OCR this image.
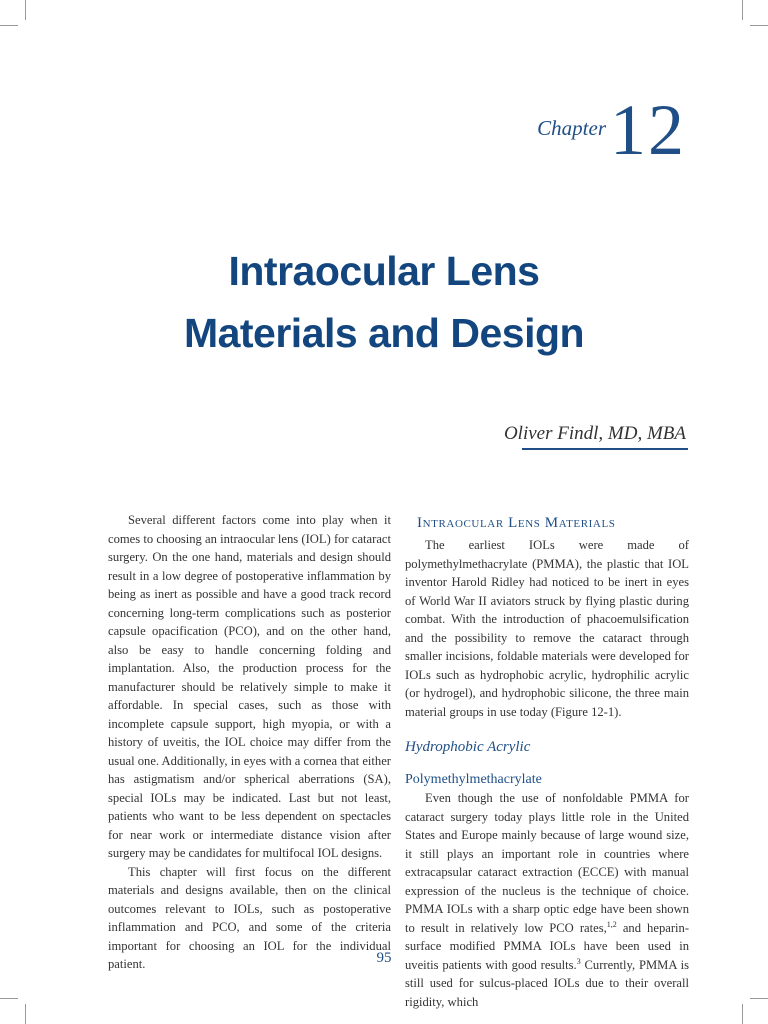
Chapter 12
Intraocular Lens
Materials and Design
Oliver Findl, MD, MBA

Several different factors come into play when it comes to choosing an intraocular lens (IOL) for cataract surgery. On the one hand, materials and design should result in a low degree of postoperative inflammation by being as inert as possible and have a good track record concerning long-term complications such as posterior capsule opacification (PCO), and on the other hand, also be easy to handle concerning folding and implantation. Also, the production process for the manufacturer should be relatively simple to make it affordable. In special cases, such as those with incomplete capsule support, high myopia, or with a history of uveitis, the IOL choice may differ from the usual one. Additionally, in eyes with a cornea that either has astigmatism and/or spherical aberrations (SA), special IOLs may be indicated. Last but not least, patients who want to be less dependent on spectacles for near work or intermediate distance vision after surgery may be candidates for multifocal IOL designs.

This chapter will first focus on the different materials and designs available, then on the clinical outcomes relevant to IOLs, such as postoperative inflammation and PCO, and some of the criteria important for choosing an IOL for the individual patient.

Intraocular Lens Materials

The earliest IOLs were made of polymethylmethacrylate (PMMA), the plastic that IOL inventor Harold Ridley had noticed to be inert in eyes of World War II aviators struck by flying plastic during combat. With the introduction of phacoemulsification and the possibility to remove the cataract through smaller incisions, foldable materials were developed for IOLs such as hydrophobic acrylic, hydrophilic acrylic (or hydrogel), and hydrophobic silicone, the three main material groups in use today (Figure 12-1).

Hydrophobic Acrylic
Polymethylmethacrylate

Even though the use of nonfoldable PMMA for cataract surgery today plays little role in the United States and Europe mainly because of large wound size, it still plays an important role in countries where extracapsular cataract extraction (ECCE) with manual expression of the nucleus is the technique of choice. PMMA IOLs with a sharp optic edge have been shown to result in relatively low PCO rates,$^{1,2}$ and heparin-surface modified PMMA IOLs have been used in uveitis patients with good results.$^3$ Currently, PMMA is still used for sulcus-placed IOLs due to their overall rigidity, which

95
